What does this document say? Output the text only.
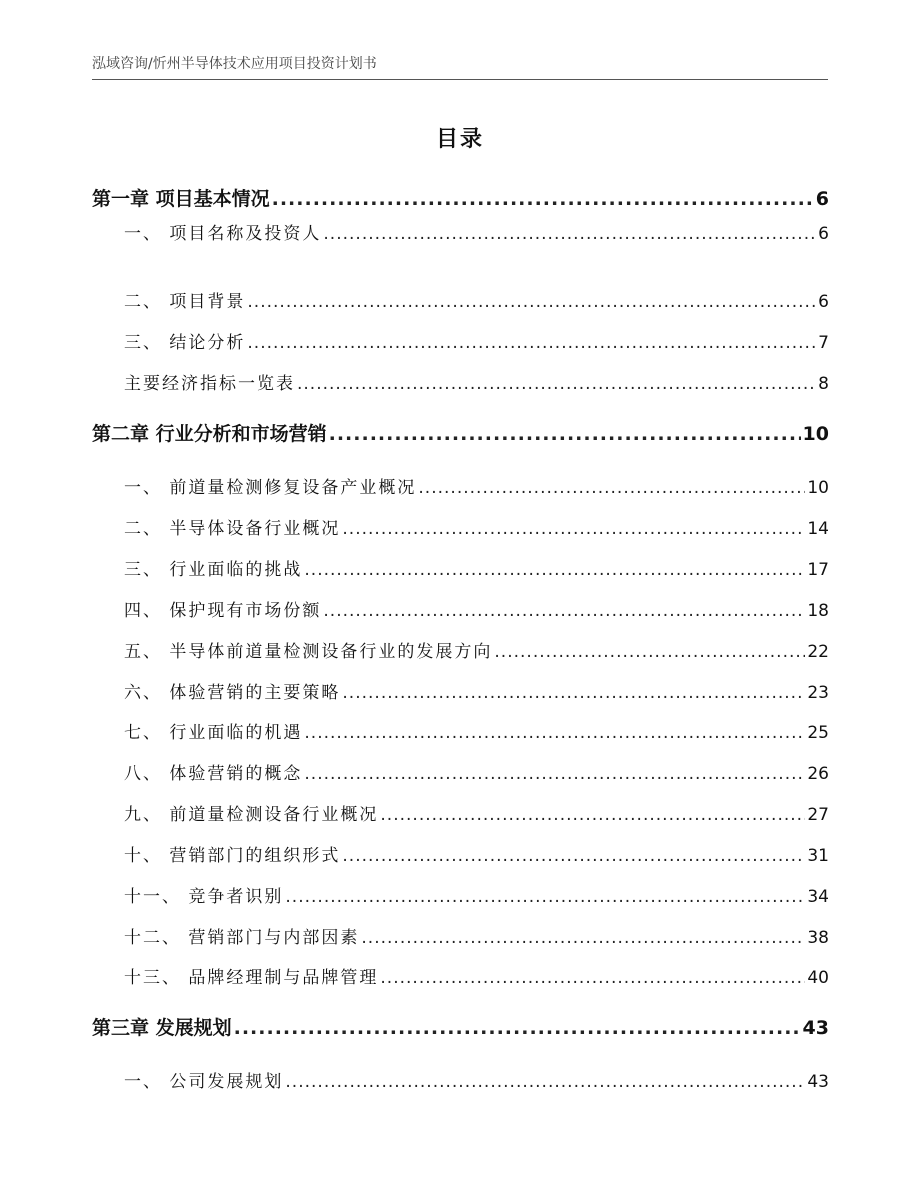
泓域咨询/忻州半导体技术应用项目投资计划书
目录
第一章 项目基本情况 .....	6
一、 项目名称及投资人 .....	6
二、 项目背景 .....	6
三、 结论分析 .....	7
主要经济指标一览表 .....	8
第二章 行业分析和市场营销 .....	10
一、 前道量检测修复设备产业概况 .....	10
二、 半导体设备行业概况 .....	14
三、 行业面临的挑战 .....	17
四、 保护现有市场份额 .....	18
五、 半导体前道量检测设备行业的发展方向 .....	22
六、 体验营销的主要策略 .....	23
七、 行业面临的机遇 .....	25
八、 体验营销的概念 .....	26
九、 前道量检测设备行业概况 .....	27
十、 营销部门的组织形式 .....	31
十一、 竞争者识别 .....	34
十二、 营销部门与内部因素 .....	38
十三、 品牌经理制与品牌管理 .....	40
第三章 发展规划 .....	43
一、 公司发展规划 .....	43
